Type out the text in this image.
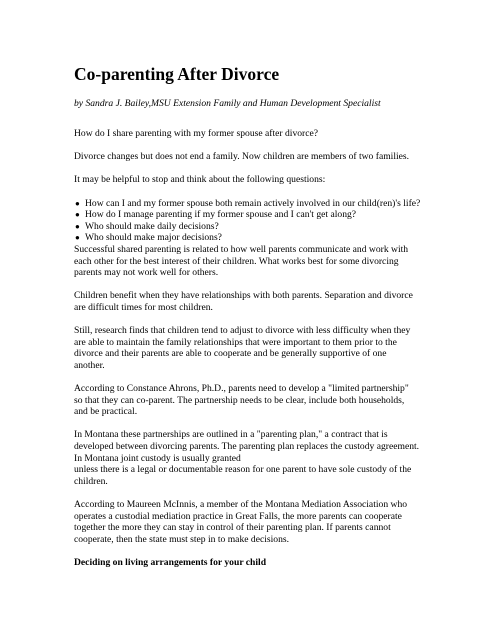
Co-parenting After Divorce

by Sandra J. Bailey,MSU Extension Family and Human Development Specialist

How do I share parenting with my former spouse after divorce?

Divorce changes but does not end a family. Now children are members of two families.

It may be helpful to stop and think about the following questions:

● How can I and my former spouse both remain actively involved in our child(ren)'s life?
● How do I manage parenting if my former spouse and I can't get along?
● Who should make daily decisions?
● Who should make major decisions?

Successful shared parenting is related to how well parents communicate and work with
each other for the best interest of their children. What works best for some divorcing
parents may not work well for others.

Children benefit when they have relationships with both parents. Separation and divorce
are difficult times for most children.

Still, research finds that children tend to adjust to divorce with less difficulty when they
are able to maintain the family relationships that were important to them prior to the
divorce and their parents are able to cooperate and be generally supportive of one
another.

According to Constance Ahrons, Ph.D., parents need to develop a "limited partnership"
so that they can co-parent. The partnership needs to be clear, include both households,
and be practical.

In Montana these partnerships are outlined in a "parenting plan," a contract that is
developed between divorcing parents. The parenting plan replaces the custody agreement.
In Montana joint custody is usually granted
unless there is a legal or documentable reason for one parent to have sole custody of the
children.

According to Maureen McInnis, a member of the Montana Mediation Association who
operates a custodial mediation practice in Great Falls, the more parents can cooperate
together the more they can stay in control of their parenting plan. If parents cannot
cooperate, then the state must step in to make decisions.

Deciding on living arrangements for your child
